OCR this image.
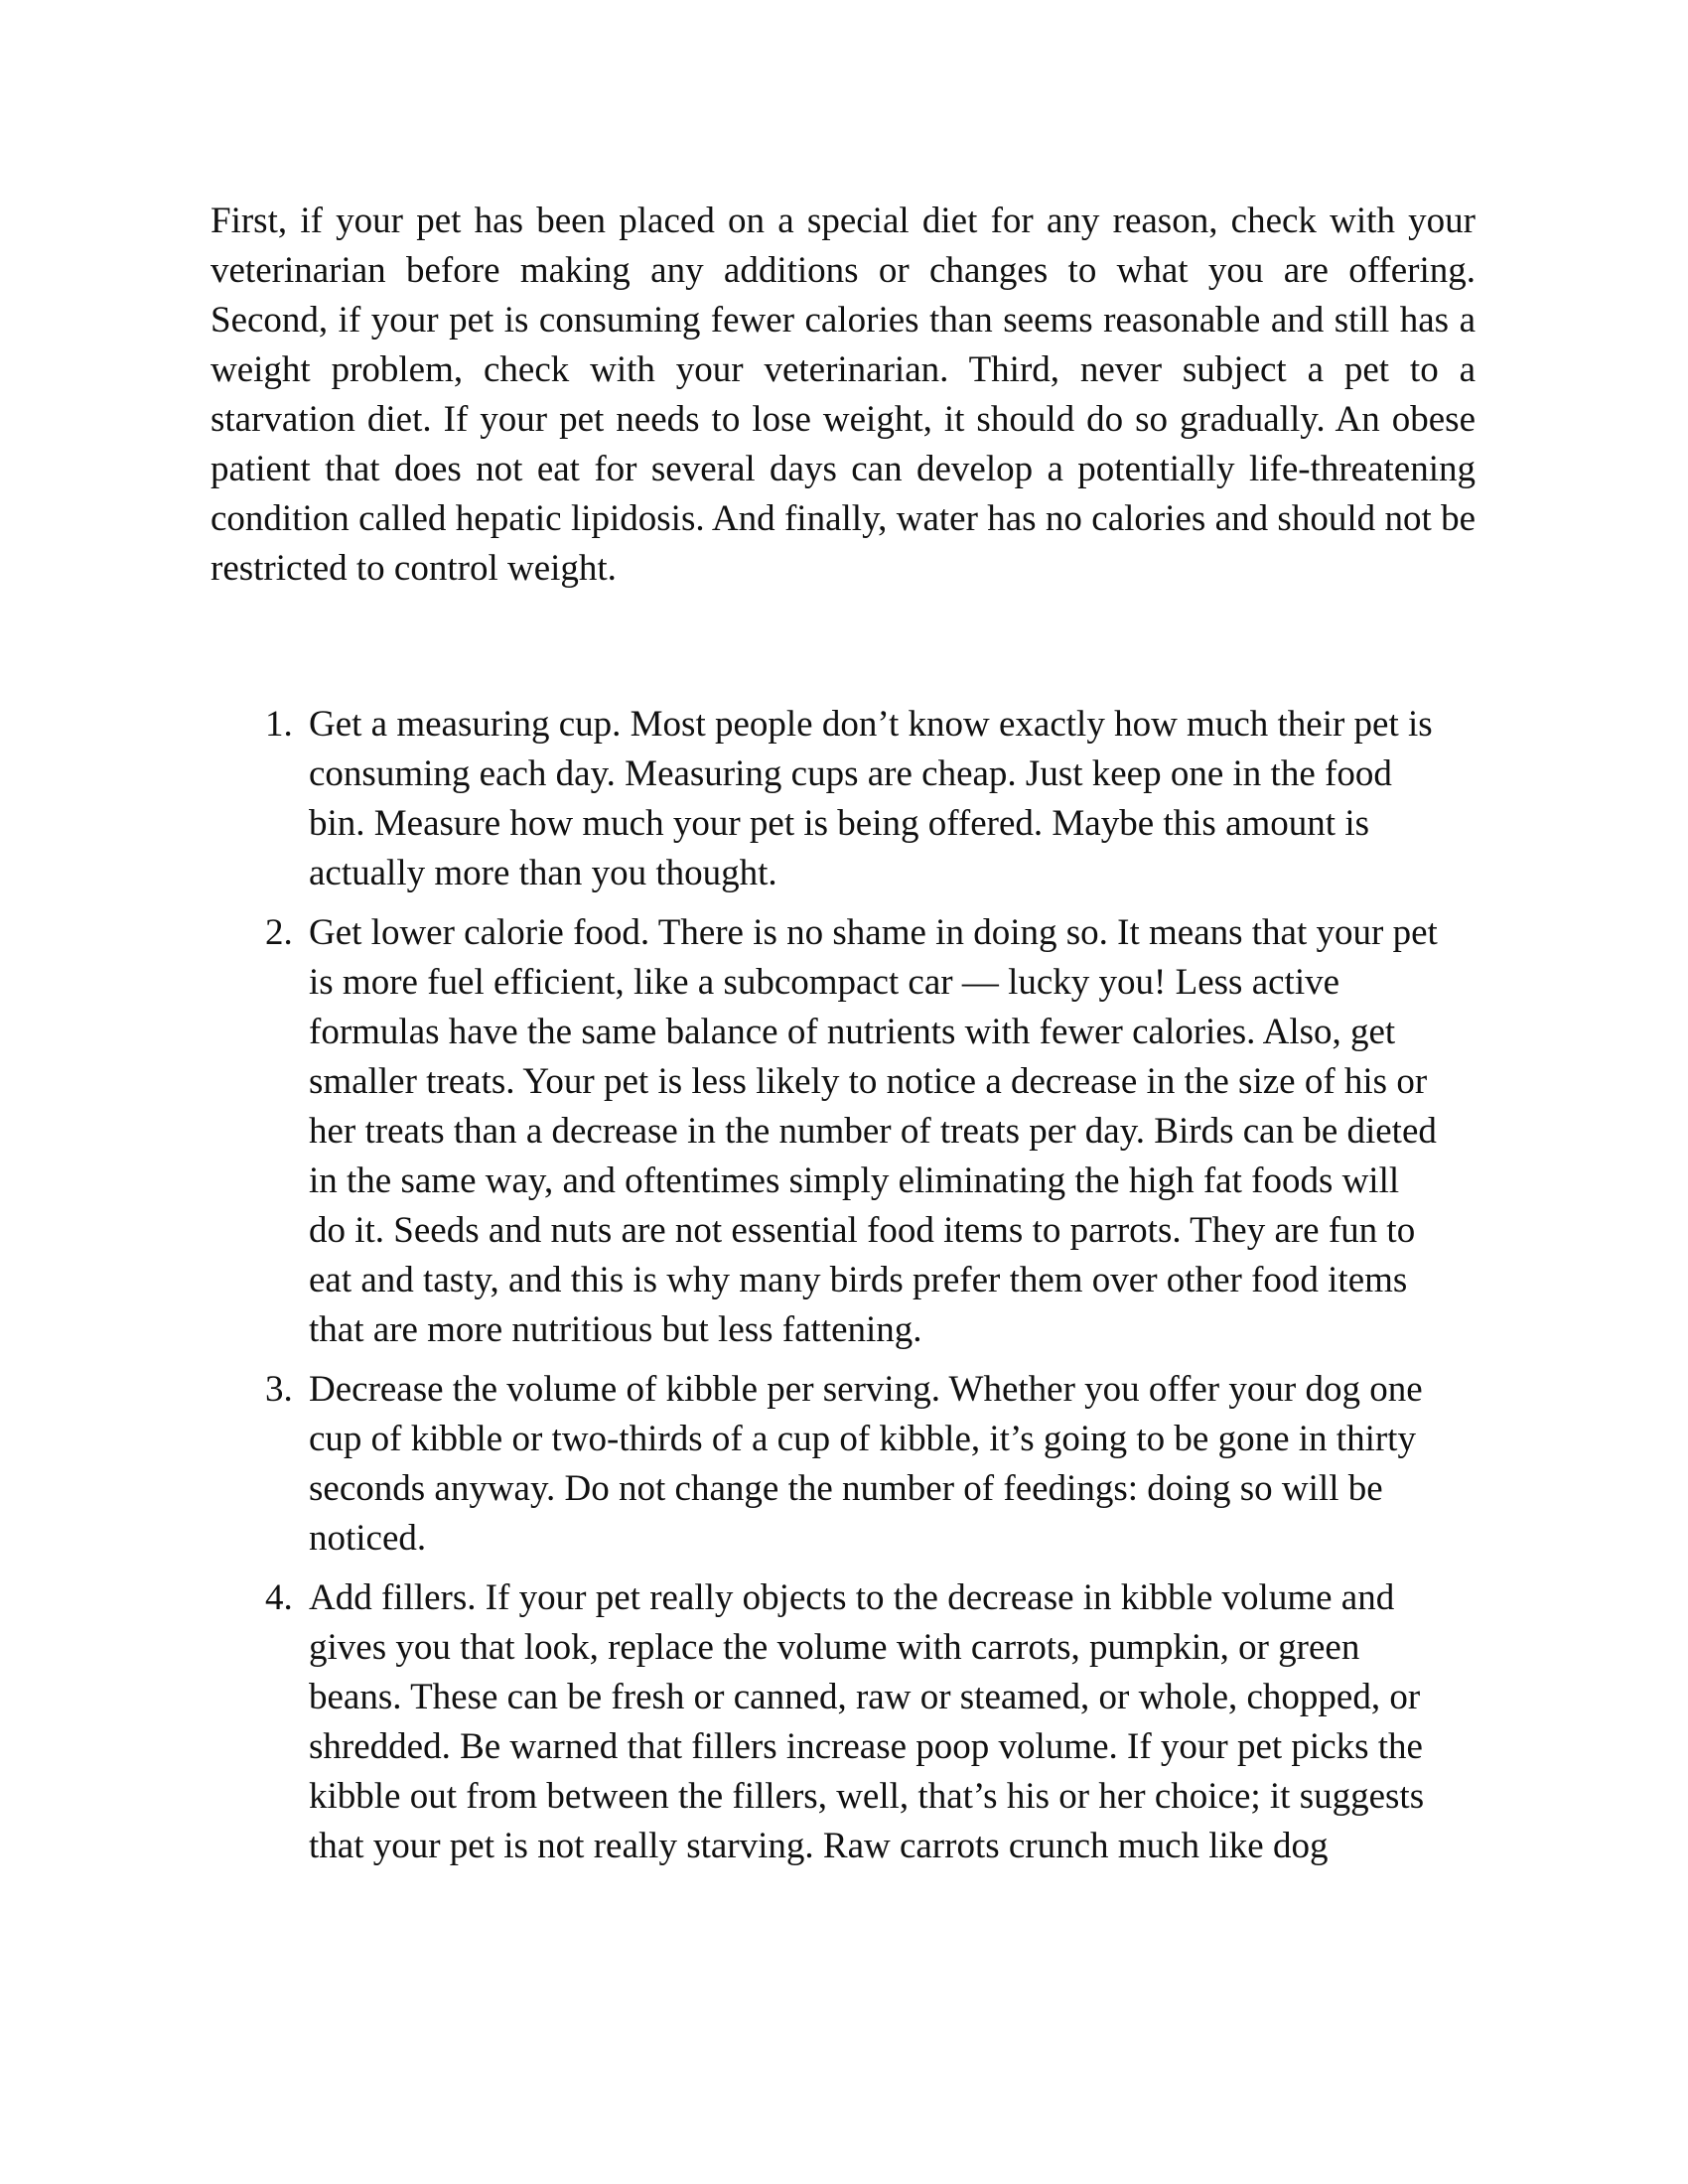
First, if your pet has been placed on a special diet for any reason, check with your veterinarian before making any additions or changes to what you are offering. Second, if your pet is consuming fewer calories than seems reasonable and still has a weight problem, check with your veterinarian. Third, never subject a pet to a starvation diet. If your pet needs to lose weight, it should do so gradually. An obese patient that does not eat for several days can develop a potentially life-threatening condition called hepatic lipidosis. And finally, water has no calories and should not be restricted to control weight.

1. Get a measuring cup. Most people don’t know exactly how much their pet is consuming each day. Measuring cups are cheap. Just keep one in the food bin. Measure how much your pet is being offered. Maybe this amount is actually more than you thought.
2. Get lower calorie food. There is no shame in doing so. It means that your pet is more fuel efficient, like a subcompact car — lucky you! Less active formulas have the same balance of nutrients with fewer calories. Also, get smaller treats. Your pet is less likely to notice a decrease in the size of his or her treats than a decrease in the number of treats per day. Birds can be dieted in the same way, and oftentimes simply eliminating the high fat foods will do it. Seeds and nuts are not essential food items to parrots. They are fun to eat and tasty, and this is why many birds prefer them over other food items that are more nutritious but less fattening.
3. Decrease the volume of kibble per serving. Whether you offer your dog one cup of kibble or two-thirds of a cup of kibble, it’s going to be gone in thirty seconds anyway. Do not change the number of feedings: doing so will be noticed.
4. Add fillers. If your pet really objects to the decrease in kibble volume and gives you that look, replace the volume with carrots, pumpkin, or green beans. These can be fresh or canned, raw or steamed, or whole, chopped, or shredded. Be warned that fillers increase poop volume. If your pet picks the kibble out from between the fillers, well, that’s his or her choice; it suggests that your pet is not really starving. Raw carrots crunch much like dog
